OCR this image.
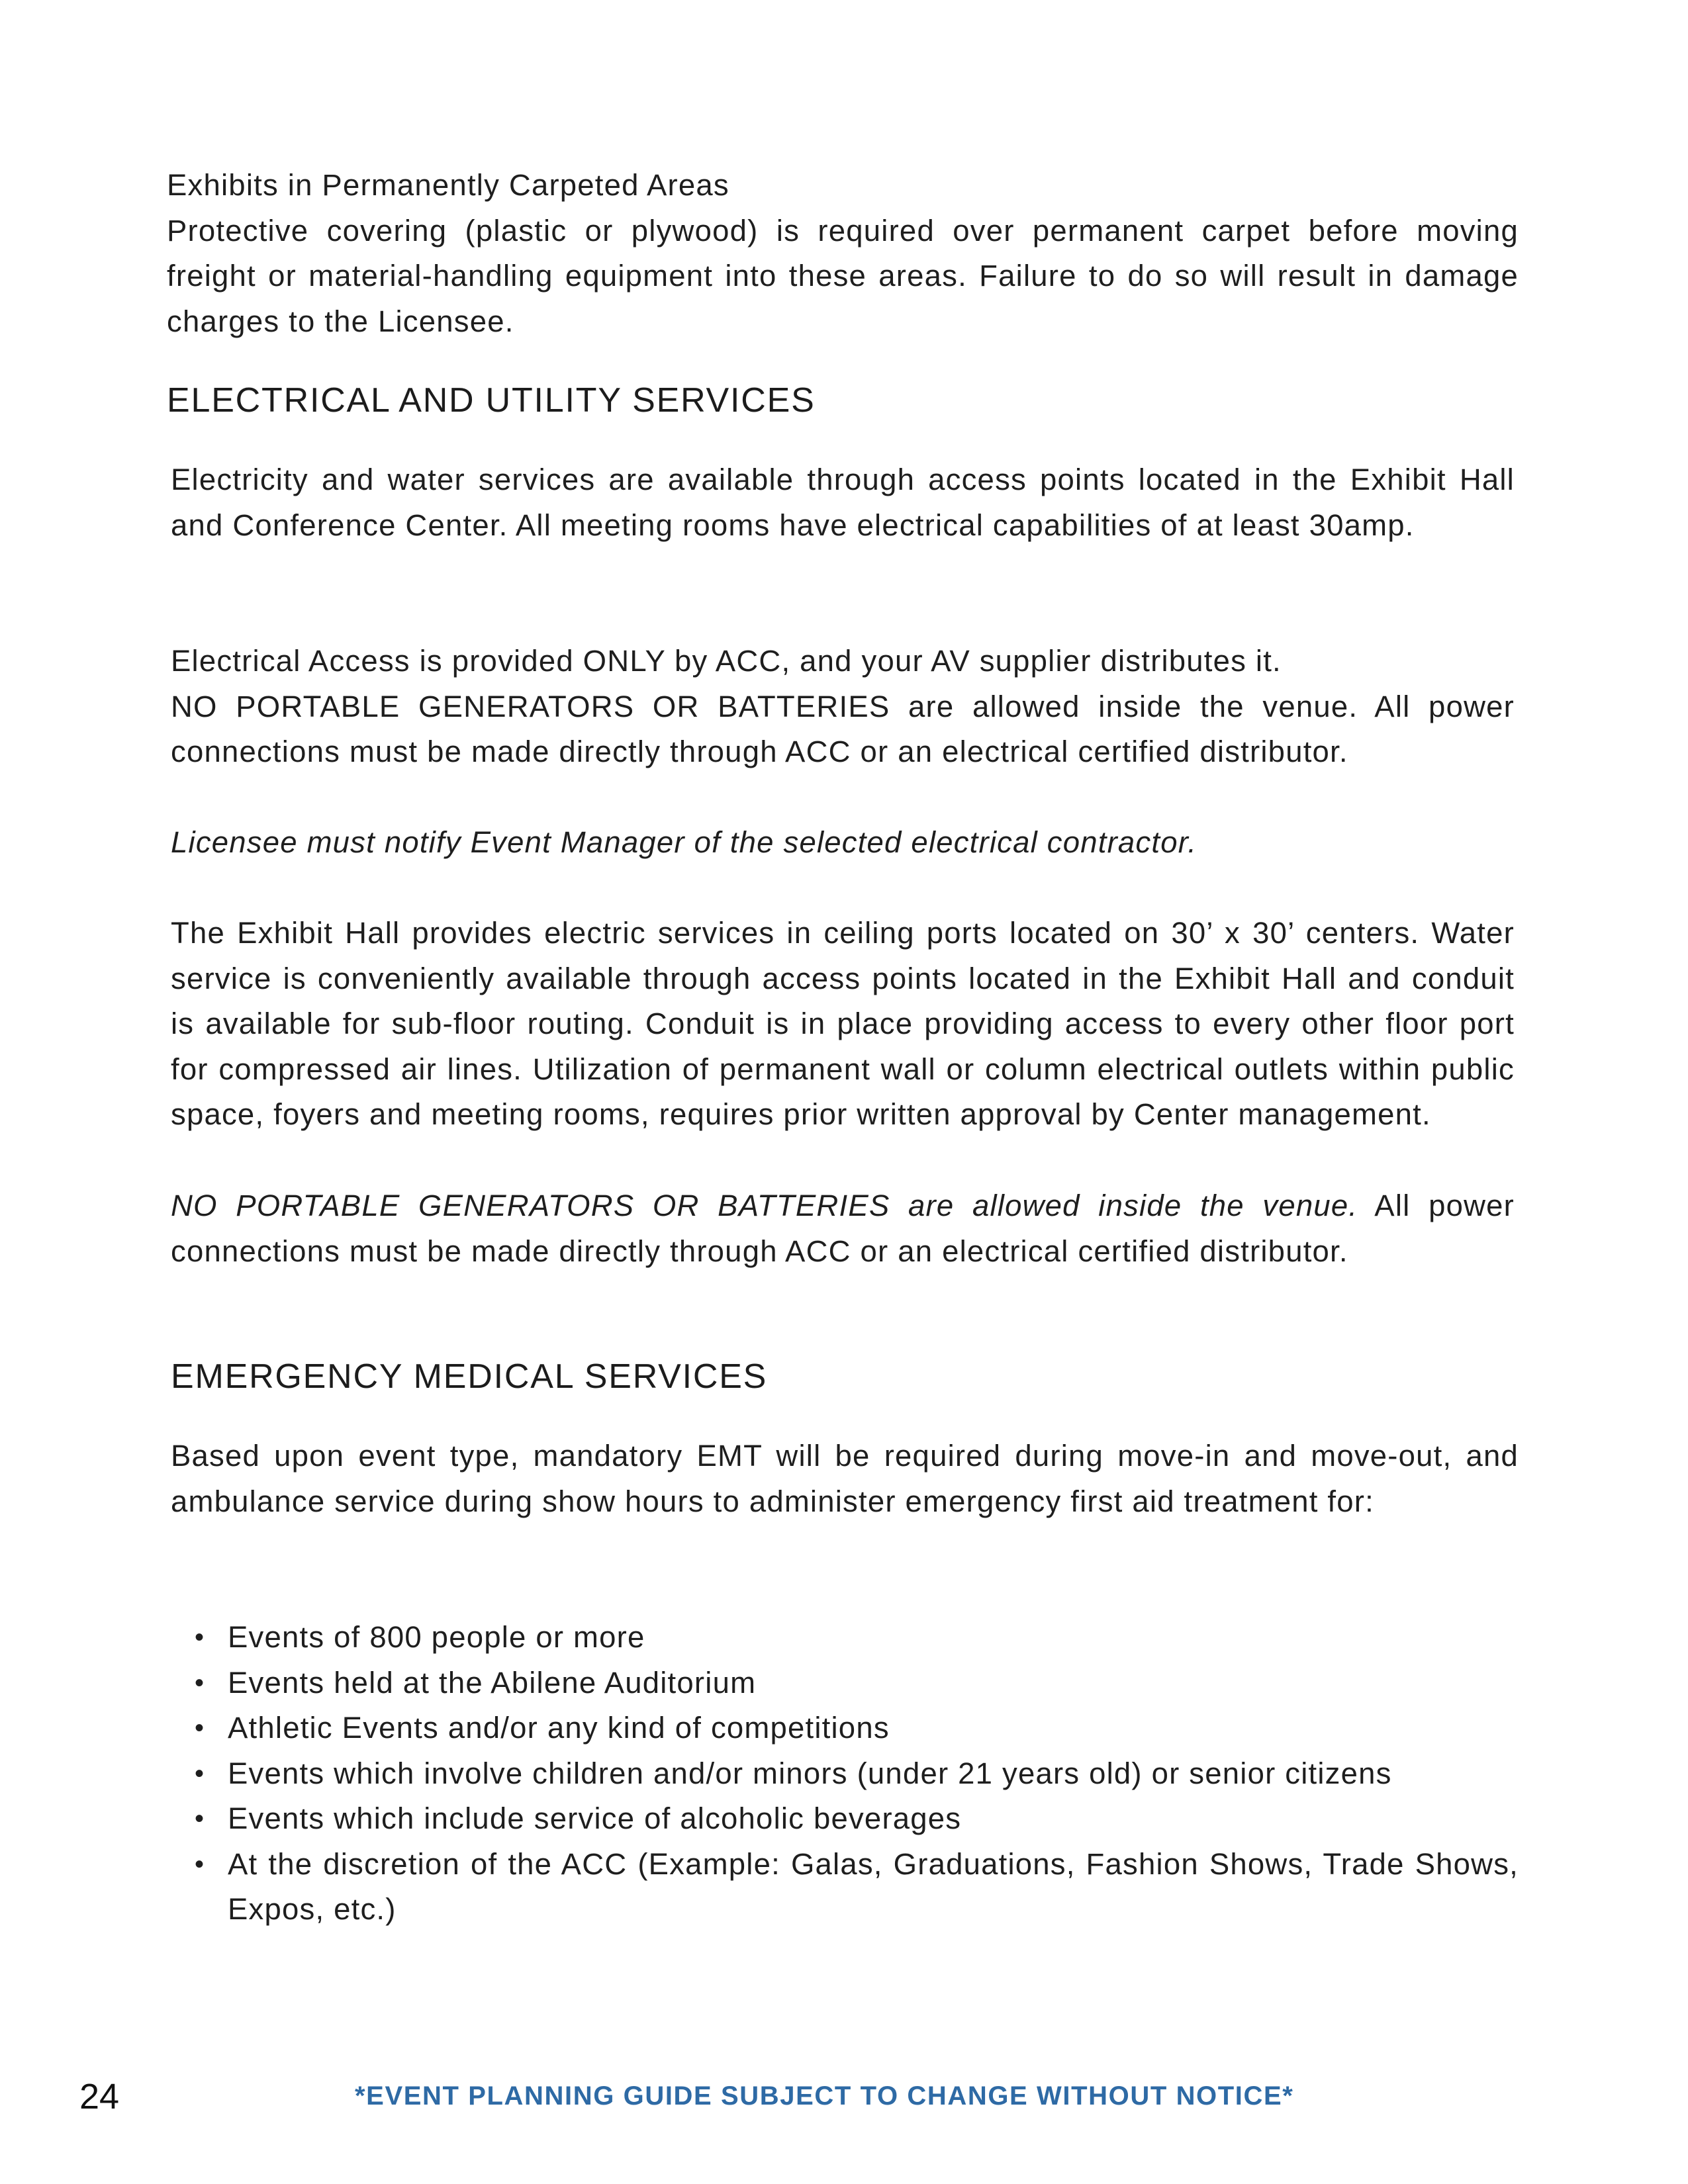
Exhibits in Permanently Carpeted Areas

Protective covering (plastic or plywood) is required over permanent carpet before moving freight or material-handling equipment into these areas. Failure to do so will result in damage charges to the Licensee.

ELECTRICAL AND UTILITY SERVICES

Electricity and water services are available through access points located in the Exhibit Hall and Conference Center. All meeting rooms have electrical capabilities of at least 30amp.

Electrical Access is provided ONLY by ACC, and your AV supplier distributes it.

NO PORTABLE GENERATORS OR BATTERIES are allowed inside the venue. All power connections must be made directly through ACC or an electrical certified distributor.

Licensee must notify Event Manager of the selected electrical contractor.

The Exhibit Hall provides electric services in ceiling ports located on 30’ x 30’ centers. Water service is conveniently available through access points located in the Exhibit Hall and conduit is available for sub-floor routing. Conduit is in place providing access to every other floor port for compressed air lines. Utilization of permanent wall or column electrical outlets within public space, foyers and meeting rooms, requires prior written approval by Center management.

NO PORTABLE GENERATORS OR BATTERIES are allowed inside the venue. All power connections must be made directly through ACC or an electrical certified distributor.

EMERGENCY MEDICAL SERVICES

Based upon event type, mandatory EMT will be required during move-in and move-out, and ambulance service during show hours to administer emergency first aid treatment for:

• Events of 800 people or more
• Events held at the Abilene Auditorium
• Athletic Events and/or any kind of competitions
• Events which involve children and/or minors (under 21 years old) or senior citizens
• Events which include service of alcoholic beverages
• At the discretion of the ACC (Example: Galas, Graduations, Fashion Shows, Trade Shows, Expos, etc.)
24	*EVENT PLANNING GUIDE SUBJECT TO CHANGE WITHOUT NOTICE*
